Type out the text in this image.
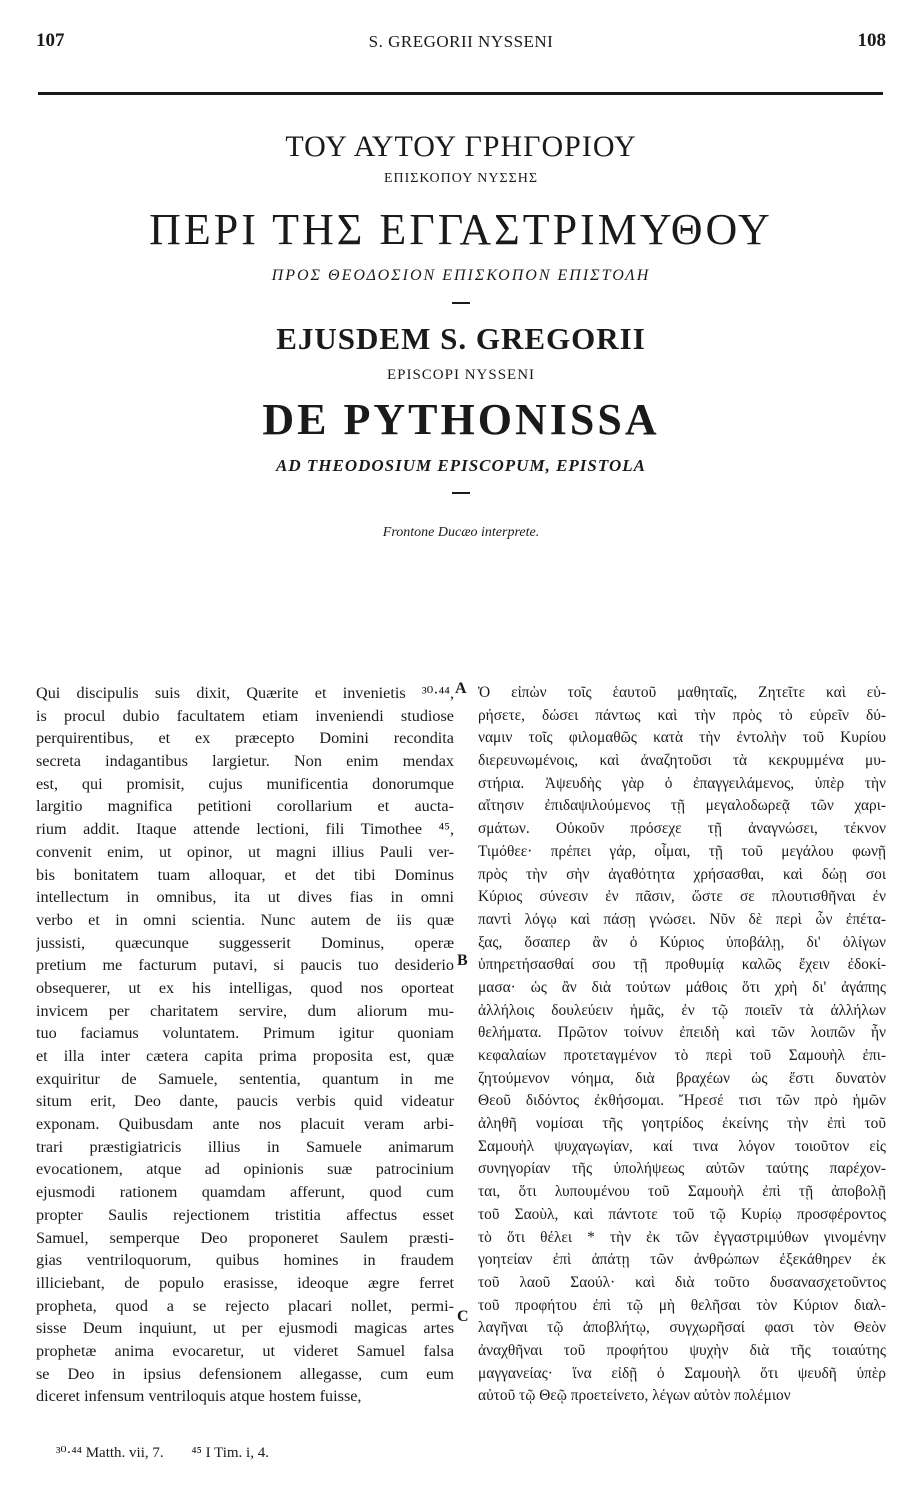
107	S. GREGORII NYSSENI	108
ΤΟΥ ΑΥΤΟΥ ΓΡΗΓΟΡΙΟΥ
ΕΠΙΣΚΟΠΟΥ ΝΥΣΣΗΣ
ΠΕΡΙ ΤΗΣ ΕΓΓΑΣΤΡΙΜΥΘΟΥ
ΠΡΟΣ ΘΕΟΔΟΣΙΟΝ ΕΠΙΣΚΟΠΟΝ ΕΠΙΣΤΟΛΗ
EJUSDEM S. GREGORII
EPISCOPI NYSSENI
DE PYTHONISSA
AD THEODOSIUM EPISCOPUM, EPISTOLA
Frontone Ducæo interprete.
Qui discipulis suis dixit, Quærite et invenietis ³⁰·⁴⁴,
is procul dubio facultatem etiam inveniendi studiose
perquirentibus, et ex præcepto Domini recondita
secreta indagantibus largietur. Non enim mendax
est, qui promisit, cujus munificentia donorumque
largitio magnifica petitioni corollarium et aucta-
rium addit. Itaque attende lectioni, fili Timothee ⁴⁵,
convenit enim, ut opinor, ut magni illius Pauli ver-
bis bonitatem tuam alloquar, et det tibi Dominus
intellectum in omnibus, ita ut dives fias in omni
verbo et in omni scientia. Nunc autem de iis quæ
jussisti, quæcunque suggesserit Dominus, operæ
pretium me facturum putavi, si paucis tuo desiderio
obsequerer, ut ex his intelligas, quod nos oporteat
invicem per charitatem servire, dum aliorum mu-
tuo faciamus voluntatem. Primum igitur quoniam
et illa inter cætera capita prima proposita est, quæ
exquiritur de Samuele, sententia, quantum in me
situm erit, Deo dante, paucis verbis quid videatur
exponam. Quibusdam ante nos placuit veram arbi-
trari præstigiatricis illius in Samuele animarum
evocationem, atque ad opinionis suæ patrocinium
ejusmodi rationem quamdam afferunt, quod cum
propter Saulis rejectionem tristitia affectus esset
Samuel, semperque Deo proponeret Saulem præsti-
gias ventriloquorum, quibus homines in fraudem
illiciebant, de populo erasisse, ideoque ægre ferret
propheta, quod a se rejecto placari nollet, permi-
sisse Deum inquiunt, ut per ejusmodi magicas artes
prophetæ anima evocaretur, ut videret Samuel falsa
se Deo in ipsius defensionem allegasse, cum eum
diceret infensum ventriloquis atque hostem fuisse,
Ὁ εἰπὼν τοῖς ἑαυτοῦ μαθηταῖς, Ζητεῖτε καὶ εὑ-
ρήσετε, δώσει πάντως καὶ τὴν πρὸς τὸ εὑρεῖν δύ-
ναμιν τοῖς φιλομαθῶς κατὰ τὴν ἐντολὴν τοῦ Κυρίου
διερευνωμένοις, καὶ ἀναζητοῦσι τὰ κεκρυμμένα μυ-
στήρια. Ἀψευδὴς γὰρ ὁ ἐπαγγειλάμενος, ὑπὲρ τὴν
αἴτησιν ἐπιδαψιλούμενος τῇ μεγαλοδωρεᾷ τῶν χαρι-
σμάτων. Οὐκοῦν πρόσεχε τῇ ἀναγνώσει, τέκνον
Τιμόθεε· πρέπει γάρ, οἶμαι, τῇ τοῦ μεγάλου φωνῇ
πρὸς τὴν σὴν ἀγαθότητα χρήσασθαι, καὶ δώῃ σοι
Κύριος σύνεσιν ἐν πᾶσιν, ὥστε σε πλουτισθῆναι ἐν
παντὶ λόγῳ καὶ πάσῃ γνώσει. Νῦν δὲ περὶ ὧν ἐπέτα-
ξας, ὅσαπερ ἂν ὁ Κύριος ὑποβάλῃ, δι' ὀλίγων
ὑπηρετήσασθαί σου τῇ προθυμίᾳ καλῶς ἔχειν ἐδοκί-
μασα· ὡς ἂν διὰ τούτων μάθοις ὅτι χρὴ δι' ἀγάπης
ἀλλήλοις δουλεύειν ἡμᾶς, ἐν τῷ ποιεῖν τὰ ἀλλήλων
θελήματα. Πρῶτον τοίνυν ἐπειδὴ καὶ τῶν λοιπῶν ἦν
κεφαλαίων προτεταγμένον τὸ περὶ τοῦ Σαμουὴλ ἐπι-
ζητούμενον νόημα, διὰ βραχέων ὡς ἔστι δυνατὸν
Θεοῦ διδόντος ἐκθήσομαι. Ἤρεσέ τισι τῶν πρὸ ἡμῶν
ἀληθῆ νομίσαι τῆς γοητρίδος ἐκείνης τὴν ἐπὶ τοῦ
Σαμουὴλ ψυχαγωγίαν, καί τινα λόγον τοιοῦτον εἰς
συνηγορίαν τῆς ὑπολήψεως αὐτῶν ταύτης παρέχον-
ται, ὅτι λυπουμένου τοῦ Σαμουὴλ ἐπὶ τῇ ἀποβολῇ
τοῦ Σαοὺλ, καὶ πάντοτε τοῦ τῷ Κυρίῳ προσφέροντος
τὸ ὅτι θέλει * τὴν ἐκ τῶν ἐγγαστριμύθων γινομένην
γοητείαν ἐπὶ ἀπάτῃ τῶν ἀνθρώπων ἐξεκάθηρεν ἐκ
τοῦ λαοῦ Σαούλ· καὶ διὰ τοῦτο δυσανασχετοῦντος
τοῦ προφήτου ἐπὶ τῷ μὴ θελῆσαι τὸν Κύριον διαλ-
λαγῆναι τῷ ἀποβλήτῳ, συγχωρῆσαί φασι τὸν Θεὸν
ἀναχθῆναι τοῦ προφήτου ψυχὴν διὰ τῆς τοιαύτης
μαγγανείας· ἵνα εἰδῇ ὁ Σαμουὴλ ὅτι ψευδῆ ὑπὲρ
αὐτοῦ τῷ Θεῷ προετείνετο, λέγων αὐτὸν πολέμιον
A
B
C
³⁰·⁴⁴ Matth. vii, 7. ⁴⁵ I Tim. i, 4.
